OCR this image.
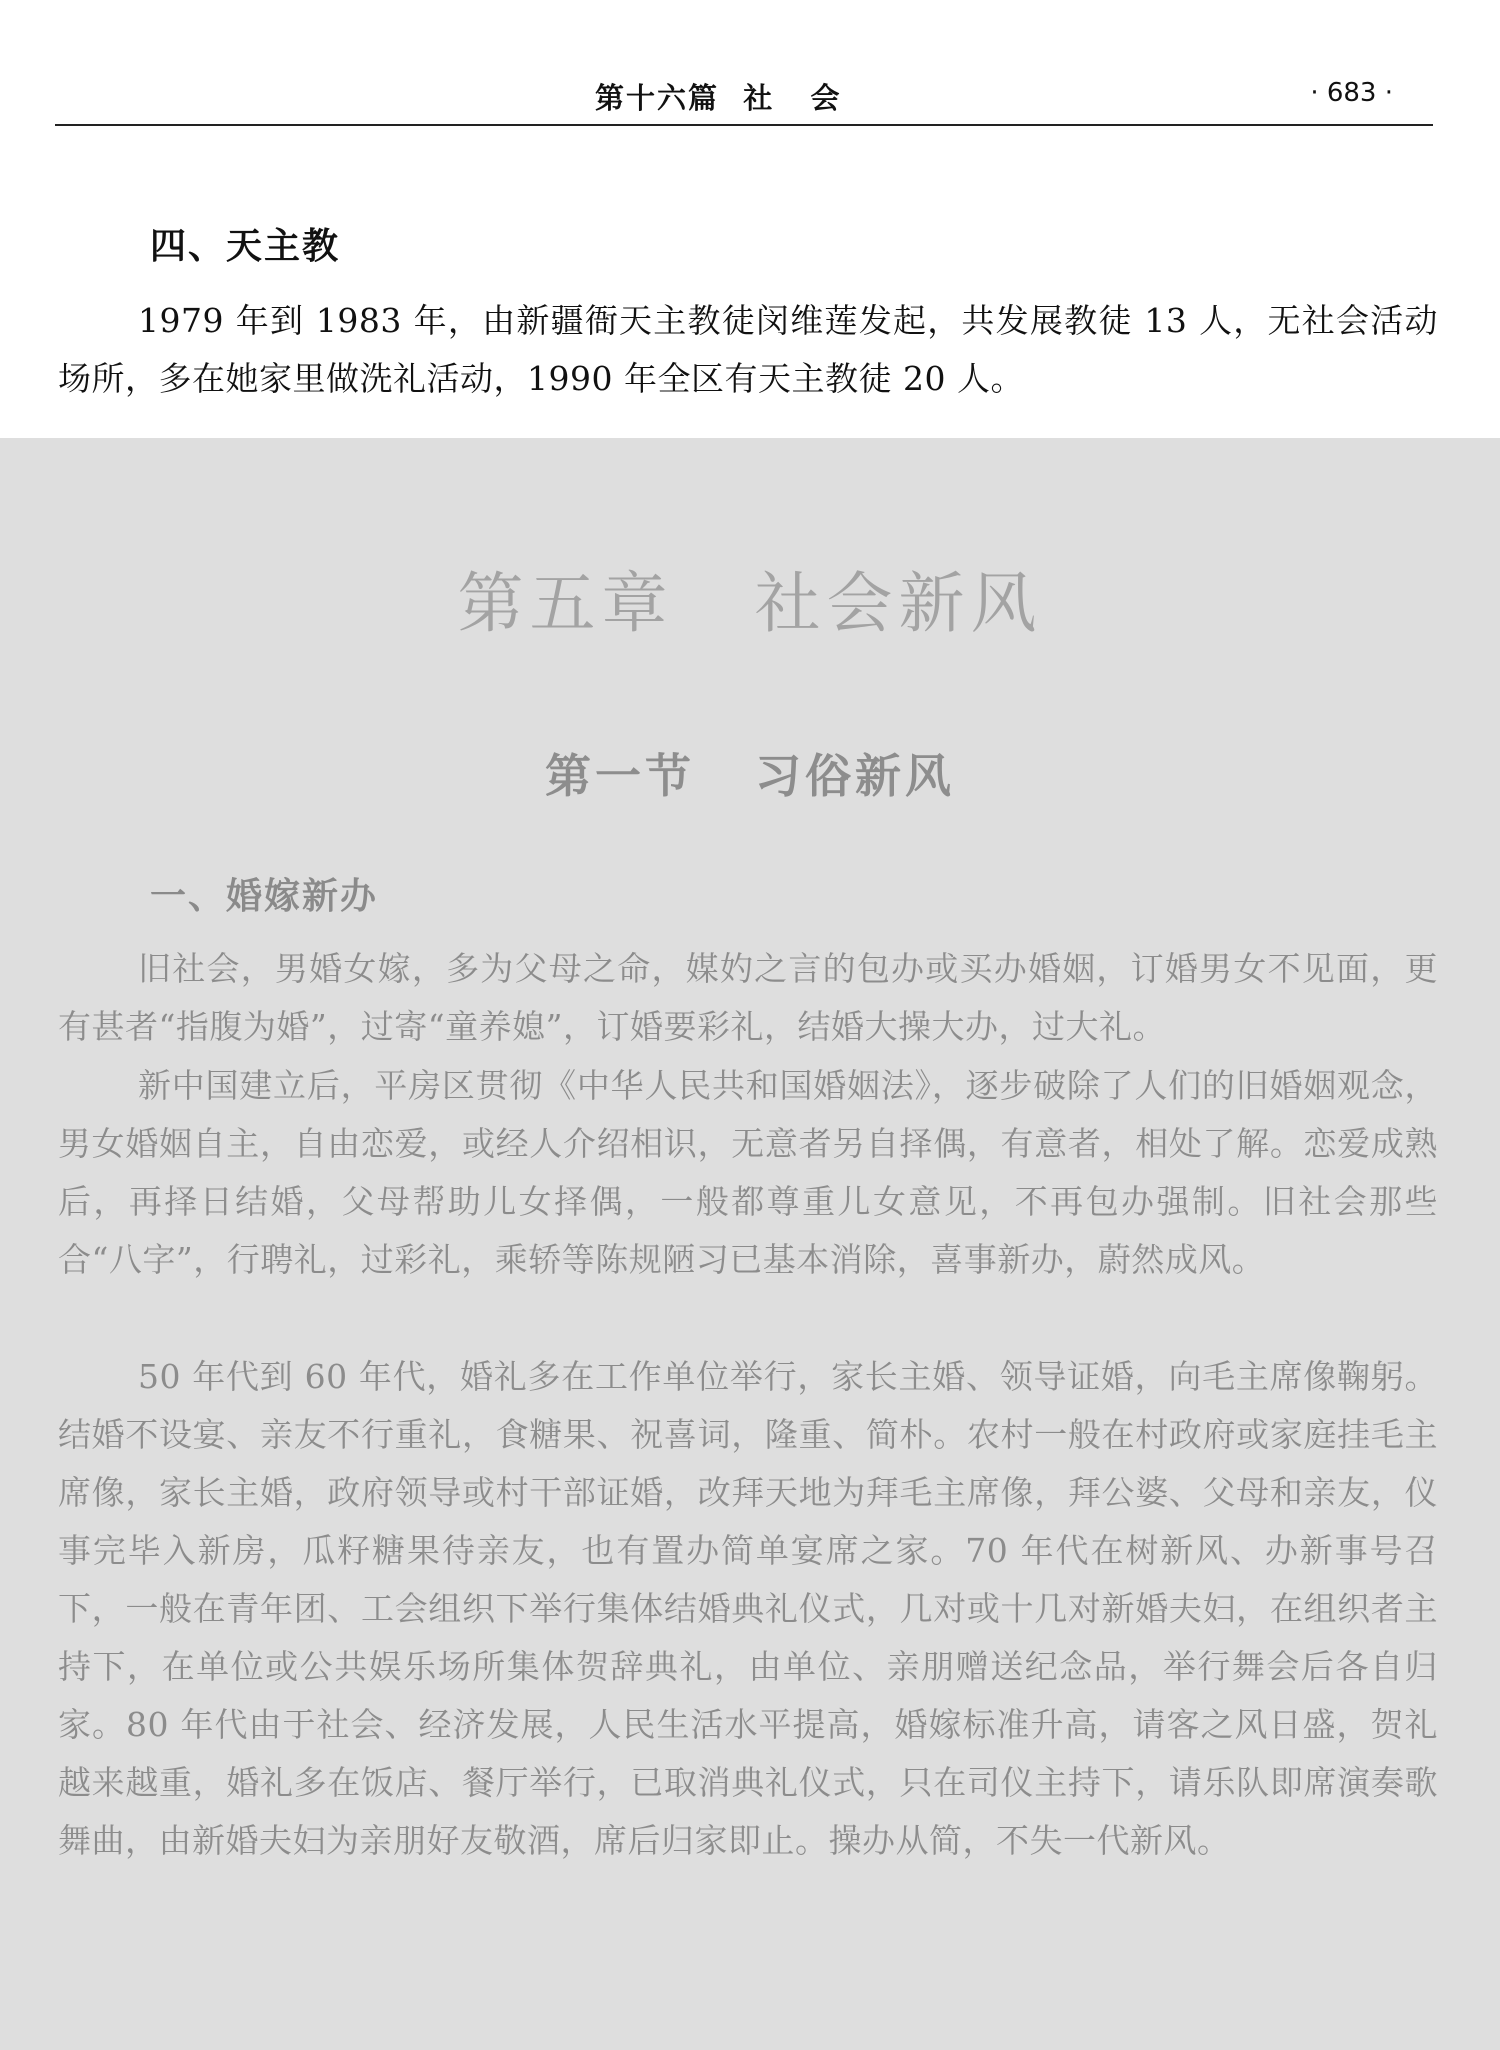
第十六篇  社   会	· 683 ·
四、天主教

1979 年到 1983 年，由新疆衙天主教徒闵维莲发起，共发展教徒 13 人，无社会活动场所，多在她家里做洗礼活动，1990 年全区有天主教徒 20 人。

第五章   社会新风
第一节   习俗新风
一、婚嫁新办

旧社会，男婚女嫁，多为父母之命，媒妁之言的包办或买办婚姻，订婚男女不见面，更有甚者“指腹为婚”，过寄“童养媳”，订婚要彩礼，结婚大操大办，过大礼。

新中国建立后，平房区贯彻《中华人民共和国婚姻法》，逐步破除了人们的旧婚姻观念，男女婚姻自主，自由恋爱，或经人介绍相识，无意者另自择偶，有意者，相处了解。恋爱成熟后，再择日结婚，父母帮助儿女择偶，一般都尊重儿女意见，不再包办强制。旧社会那些合“八字”，行聘礼，过彩礼，乘轿等陈规陋习已基本消除，喜事新办，蔚然成风。

50 年代到 60 年代，婚礼多在工作单位举行，家长主婚、领导证婚，向毛主席像鞠躬。结婚不设宴、亲友不行重礼，食糖果、祝喜词，隆重、简朴。农村一般在村政府或家庭挂毛主席像，家长主婚，政府领导或村干部证婚，改拜天地为拜毛主席像，拜公婆、父母和亲友，仪事完毕入新房，瓜籽糖果待亲友，也有置办简单宴席之家。70 年代在树新风、办新事号召下，一般在青年团、工会组织下举行集体结婚典礼仪式，几对或十几对新婚夫妇，在组织者主持下，在单位或公共娱乐场所集体贺辞典礼，由单位、亲朋赠送纪念品，举行舞会后各自归家。80 年代由于社会、经济发展，人民生活水平提高，婚嫁标准升高，请客之风日盛，贺礼越来越重，婚礼多在饭店、餐厅举行，已取消典礼仪式，只在司仪主持下，请乐队即席演奏歌舞曲，由新婚夫妇为亲朋好友敬酒，席后归家即止。操办从简，不失一代新风。
